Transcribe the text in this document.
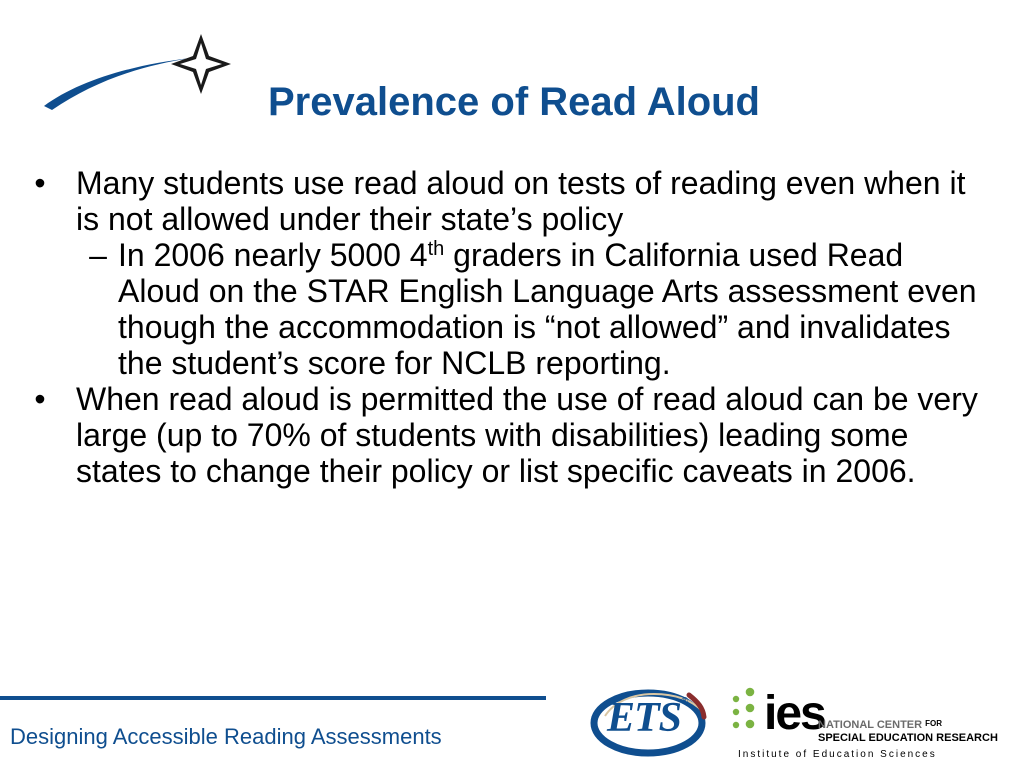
Prevalence of Read Aloud
• Many students use read aloud on tests of reading even when it is not allowed under their state’s policy
– In 2006 nearly 5000 4th graders in California used Read Aloud on the STAR English Language Arts assessment even though the accommodation is “not allowed” and invalidates the student’s score for NCLB reporting.
• When read aloud is permitted the use of read aloud can be very large (up to 70% of students with disabilities) leading some states to change their policy or list specific caveats in 2006.
Designing Accessible Reading Assessments	ETS® ies
NATIONAL CENTER $^{FOR}$
SPECIAL EDUCATION RESEARCH
Institute of Education Sciences
